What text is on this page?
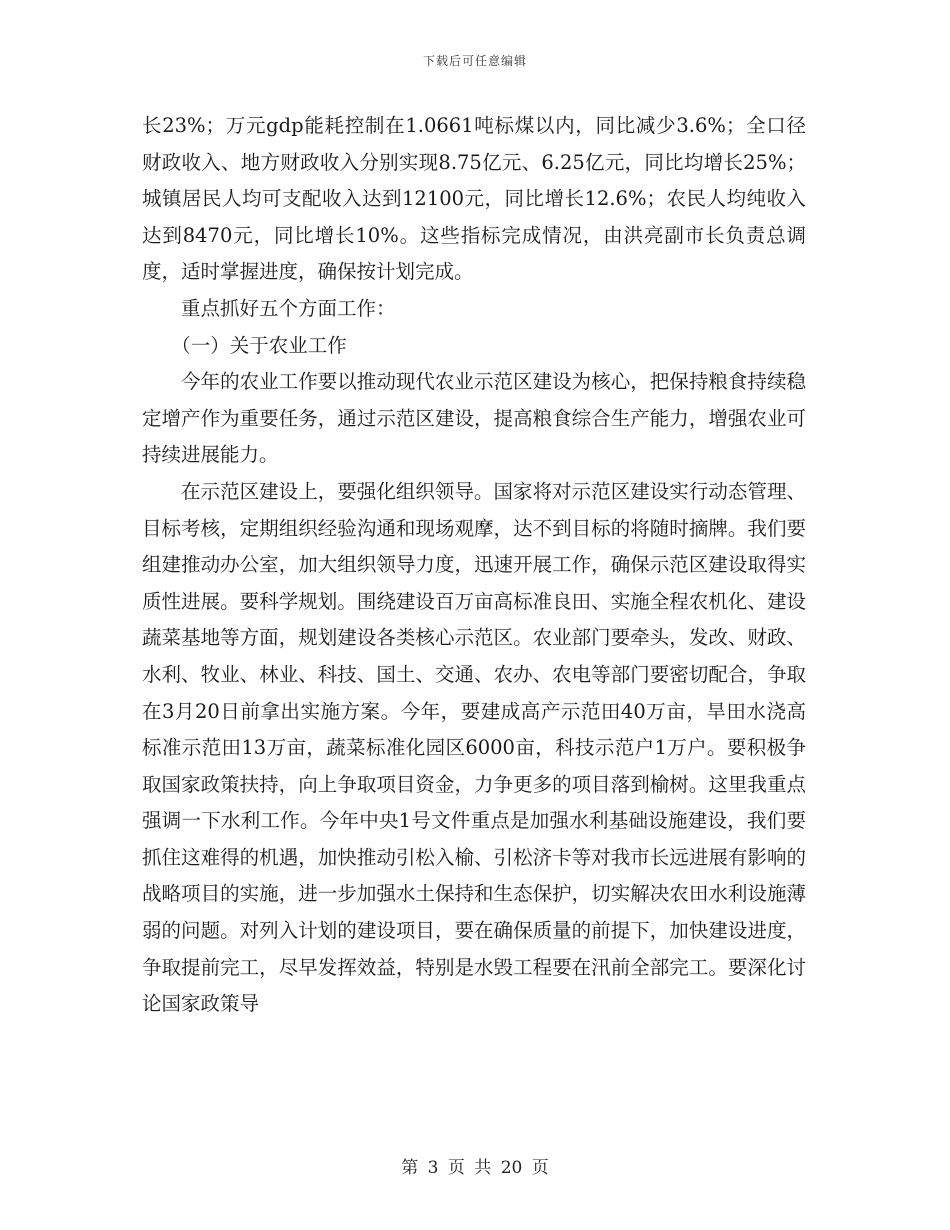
下载后可任意编辑

长23%；万元gdp能耗控制在1.0661吨标煤以内，同比减少3.6%；全口径财政收入、地方财政收入分别实现8.75亿元、6.25亿元，同比均增长25%；城镇居民人均可支配收入达到12100元，同比增长12.6%；农民人均纯收入达到8470元，同比增长10%。这些指标完成情况，由洪亮副市长负责总调度，适时掌握进度，确保按计划完成。

重点抓好五个方面工作：

（一）关于农业工作

今年的农业工作要以推动现代农业示范区建设为核心，把保持粮食持续稳定增产作为重要任务，通过示范区建设，提高粮食综合生产能力，增强农业可持续进展能力。

在示范区建设上，要强化组织领导。国家将对示范区建设实行动态管理、目标考核，定期组织经验沟通和现场观摩，达不到目标的将随时摘牌。我们要组建推动办公室，加大组织领导力度，迅速开展工作，确保示范区建设取得实质性进展。要科学规划。围绕建设百万亩高标准良田、实施全程农机化、建设蔬菜基地等方面，规划建设各类核心示范区。农业部门要牵头，发改、财政、水利、牧业、林业、科技、国土、交通、农办、农电等部门要密切配合，争取在3月20日前拿出实施方案。今年，要建成高产示范田40万亩，旱田水浇高标准示范田13万亩，蔬菜标准化园区6000亩，科技示范户1万户。要积极争取国家政策扶持，向上争取项目资金，力争更多的项目落到榆树。这里我重点强调一下水利工作。今年中央1号文件重点是加强水利基础设施建设，我们要抓住这难得的机遇，加快推动引松入榆、引松济卡等对我市长远进展有影响的战略项目的实施，进一步加强水土保持和生态保护，切实解决农田水利设施薄弱的问题。对列入计划的建设项目，要在确保质量的前提下，加快建设进度，争取提前完工，尽早发挥效益，特别是水毁工程要在汛前全部完工。要深化讨论国家政策导

第 3 页 共 20 页
